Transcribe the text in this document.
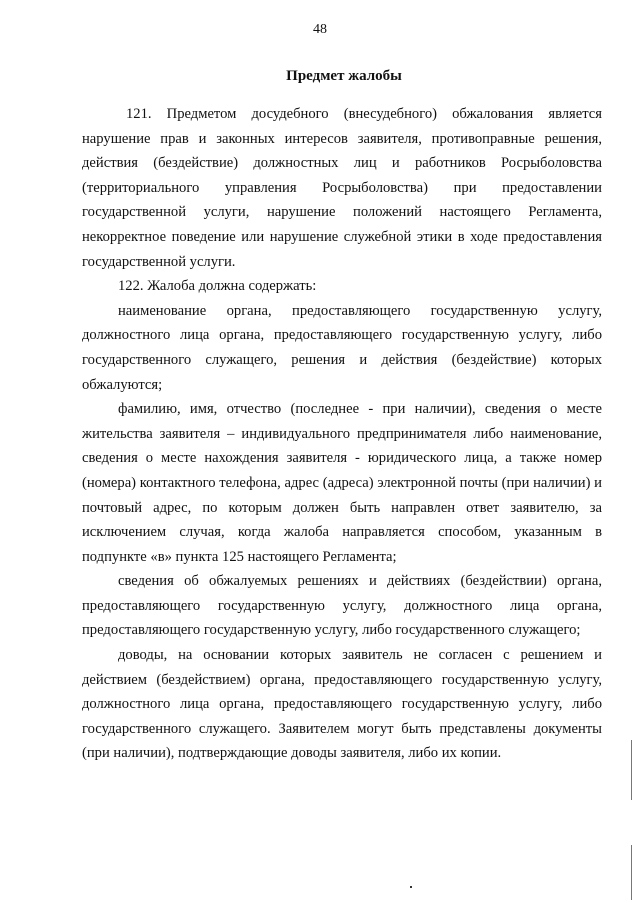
48
Предмет жалобы

121. Предметом досудебного (внесудебного) обжалования является нарушение прав и законных интересов заявителя, противоправные решения, действия (бездействие) должностных лиц и работников Росрыболовства (территориального управления Росрыболовства) при предоставлении государственной услуги, нарушение положений настоящего Регламента, некорректное поведение или нарушение служебной этики в ходе предоставления государственной услуги.

122. Жалоба должна содержать:

наименование органа, предоставляющего государственную услугу, должностного лица органа, предоставляющего государственную услугу, либо государственного служащего, решения и действия (бездействие) которых обжалуются;

фамилию, имя, отчество (последнее - при наличии), сведения о месте жительства заявителя – индивидуального предпринимателя либо наименование, сведения о месте нахождения заявителя - юридического лица, а также номер (номера) контактного телефона, адрес (адреса) электронной почты (при наличии) и почтовый адрес, по которым должен быть направлен ответ заявителю, за исключением случая, когда жалоба направляется способом, указанным в подпункте «в» пункта 125 настоящего Регламента;

сведения об обжалуемых решениях и действиях (бездействии) органа, предоставляющего государственную услугу, должностного лица органа, предоставляющего государственную услугу, либо государственного служащего;

доводы, на основании которых заявитель не согласен с решением и действием (бездействием) органа, предоставляющего государственную услугу, должностного лица органа, предоставляющего государственную услугу, либо государственного служащего. Заявителем могут быть представлены документы (при наличии), подтверждающие доводы заявителя, либо их копии.
